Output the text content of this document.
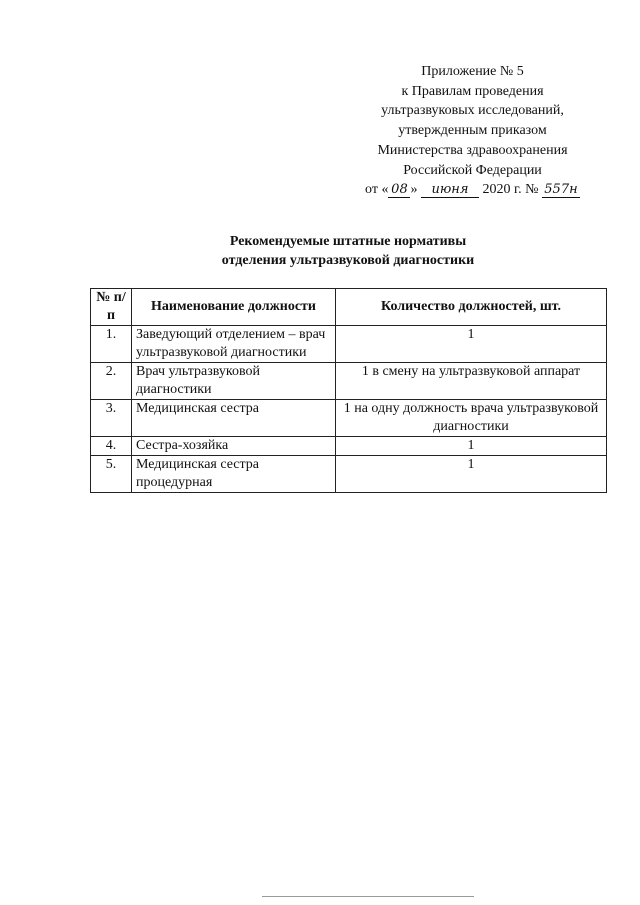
Приложение № 5
к Правилам проведения
ультразвуковых исследований,
утвержденным приказом
Министерства здравоохранения
Российской Федерации
от « 08 » июня 2020 г. № 557н
Рекомендуемые штатные нормативы
отделения ультразвуковой диагностики
№ п/п	Наименование должности	Количество должностей, шт.
1.	Заведующий отделением – врач ультразвуковой диагностики	1
2.	Врач ультразвуковой диагностики	1 в смену на ультразвуковой аппарат
3.	Медицинская сестра	1 на одну должность врача ультразвуковой диагностики
4.	Сестра-хозяйка	1
5.	Медицинская сестра процедурная	1
